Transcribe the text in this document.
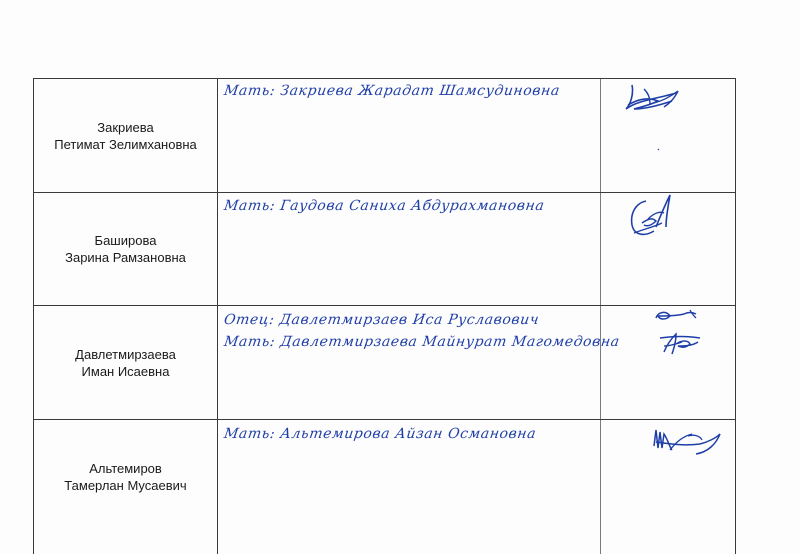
Закриева
Петимат Зелимхановна
Мать: Закриева Жарадат Шамсудиновна
Баширова
Зарина Рамзановна
Мать: Гаудова Саниха Абдурахмановна
Давлетмирзаева
Иман Исаевна
Отец: Давлетмирзаев Иса Руславович
Мать: Давлетмирзаева Майнурат Магомедовна
Альтемиров
Тамерлан Мусаевич
Мать: Альтемирова Айзан Османовна
